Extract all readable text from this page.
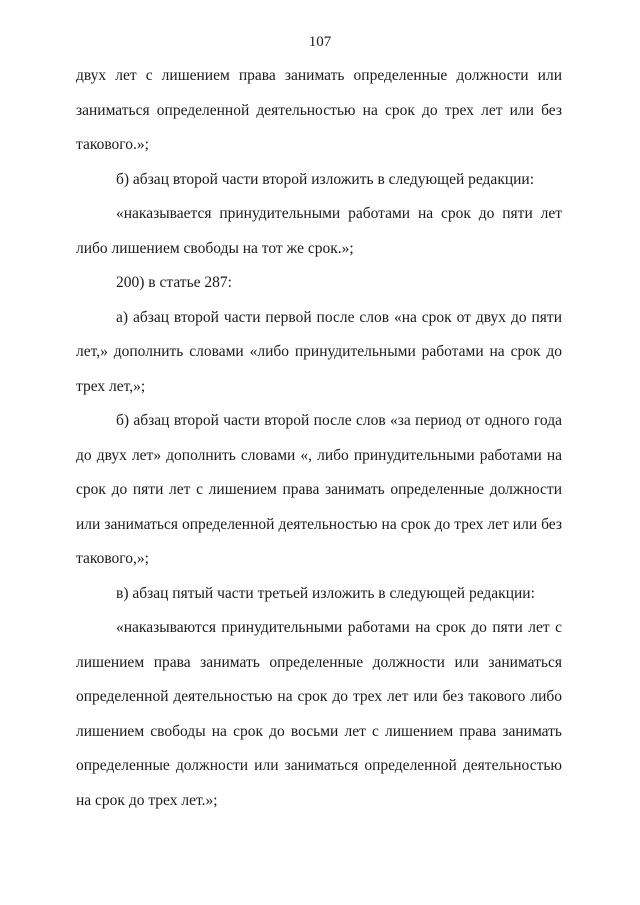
107

двух лет с лишением права занимать определенные должности или заниматься определенной деятельностью на срок до трех лет или без такового.»;

б) абзац второй части второй изложить в следующей редакции:

«наказывается принудительными работами на срок до пяти лет либо лишением свободы на тот же срок.»;

200) в статье 287:

а) абзац второй части первой после слов «на срок от двух до пяти лет,» дополнить словами «либо принудительными работами на срок до трех лет,»;

б) абзац второй части второй после слов «за период от одного года до двух лет» дополнить словами «, либо принудительными работами на срок до пяти лет с лишением права занимать определенные должности или заниматься определенной деятельностью на срок до трех лет или без такового,»;

в) абзац пятый части третьей изложить в следующей редакции:

«наказываются принудительными работами на срок до пяти лет с лишением права занимать определенные должности или заниматься определенной деятельностью на срок до трех лет или без такового либо лишением свободы на срок до восьми лет с лишением права занимать определенные должности или заниматься определенной деятельностью на срок до трех лет.»;
